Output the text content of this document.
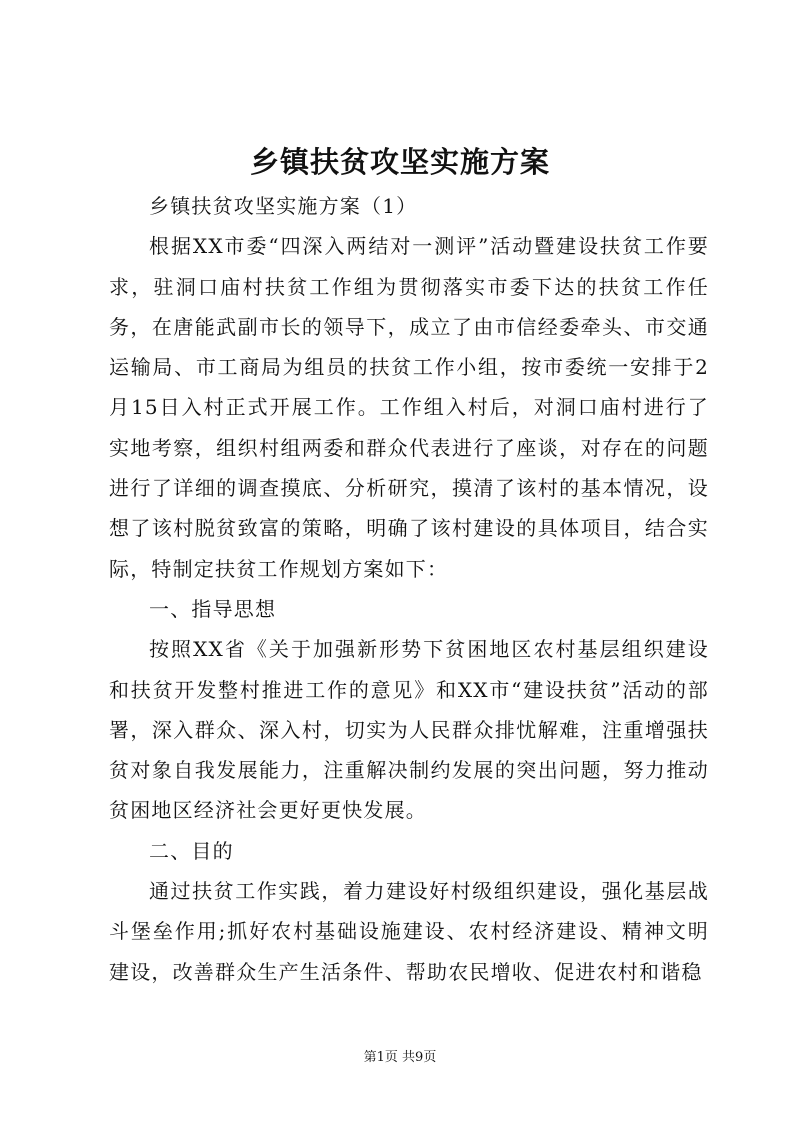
乡镇扶贫攻坚实施方案

乡镇扶贫攻坚实施方案（1）

根据XX市委“四深入两结对一测评”活动暨建设扶贫工作要求，驻洞口庙村扶贫工作组为贯彻落实市委下达的扶贫工作任务，在唐能武副市长的领导下，成立了由市信经委牵头、市交通运输局、市工商局为组员的扶贫工作小组，按市委统一安排于2月15日入村正式开展工作。工作组入村后，对洞口庙村进行了实地考察，组织村组两委和群众代表进行了座谈，对存在的问题进行了详细的调查摸底、分析研究，摸清了该村的基本情况，设想了该村脱贫致富的策略，明确了该村建设的具体项目，结合实际，特制定扶贫工作规划方案如下：

一、指导思想

按照XX省《关于加强新形势下贫困地区农村基层组织建设和扶贫开发整村推进工作的意见》和XX市“建设扶贫”活动的部署，深入群众、深入村，切实为人民群众排忧解难，注重增强扶贫对象自我发展能力，注重解决制约发展的突出问题，努力推动贫困地区经济社会更好更快发展。

二、目的

通过扶贫工作实践，着力建设好村级组织建设，强化基层战斗堡垒作用;抓好农村基础设施建设、农村经济建设、精神文明建设，改善群众生产生活条件、帮助农民增收、促进农村和谐稳

第1页 共9页
